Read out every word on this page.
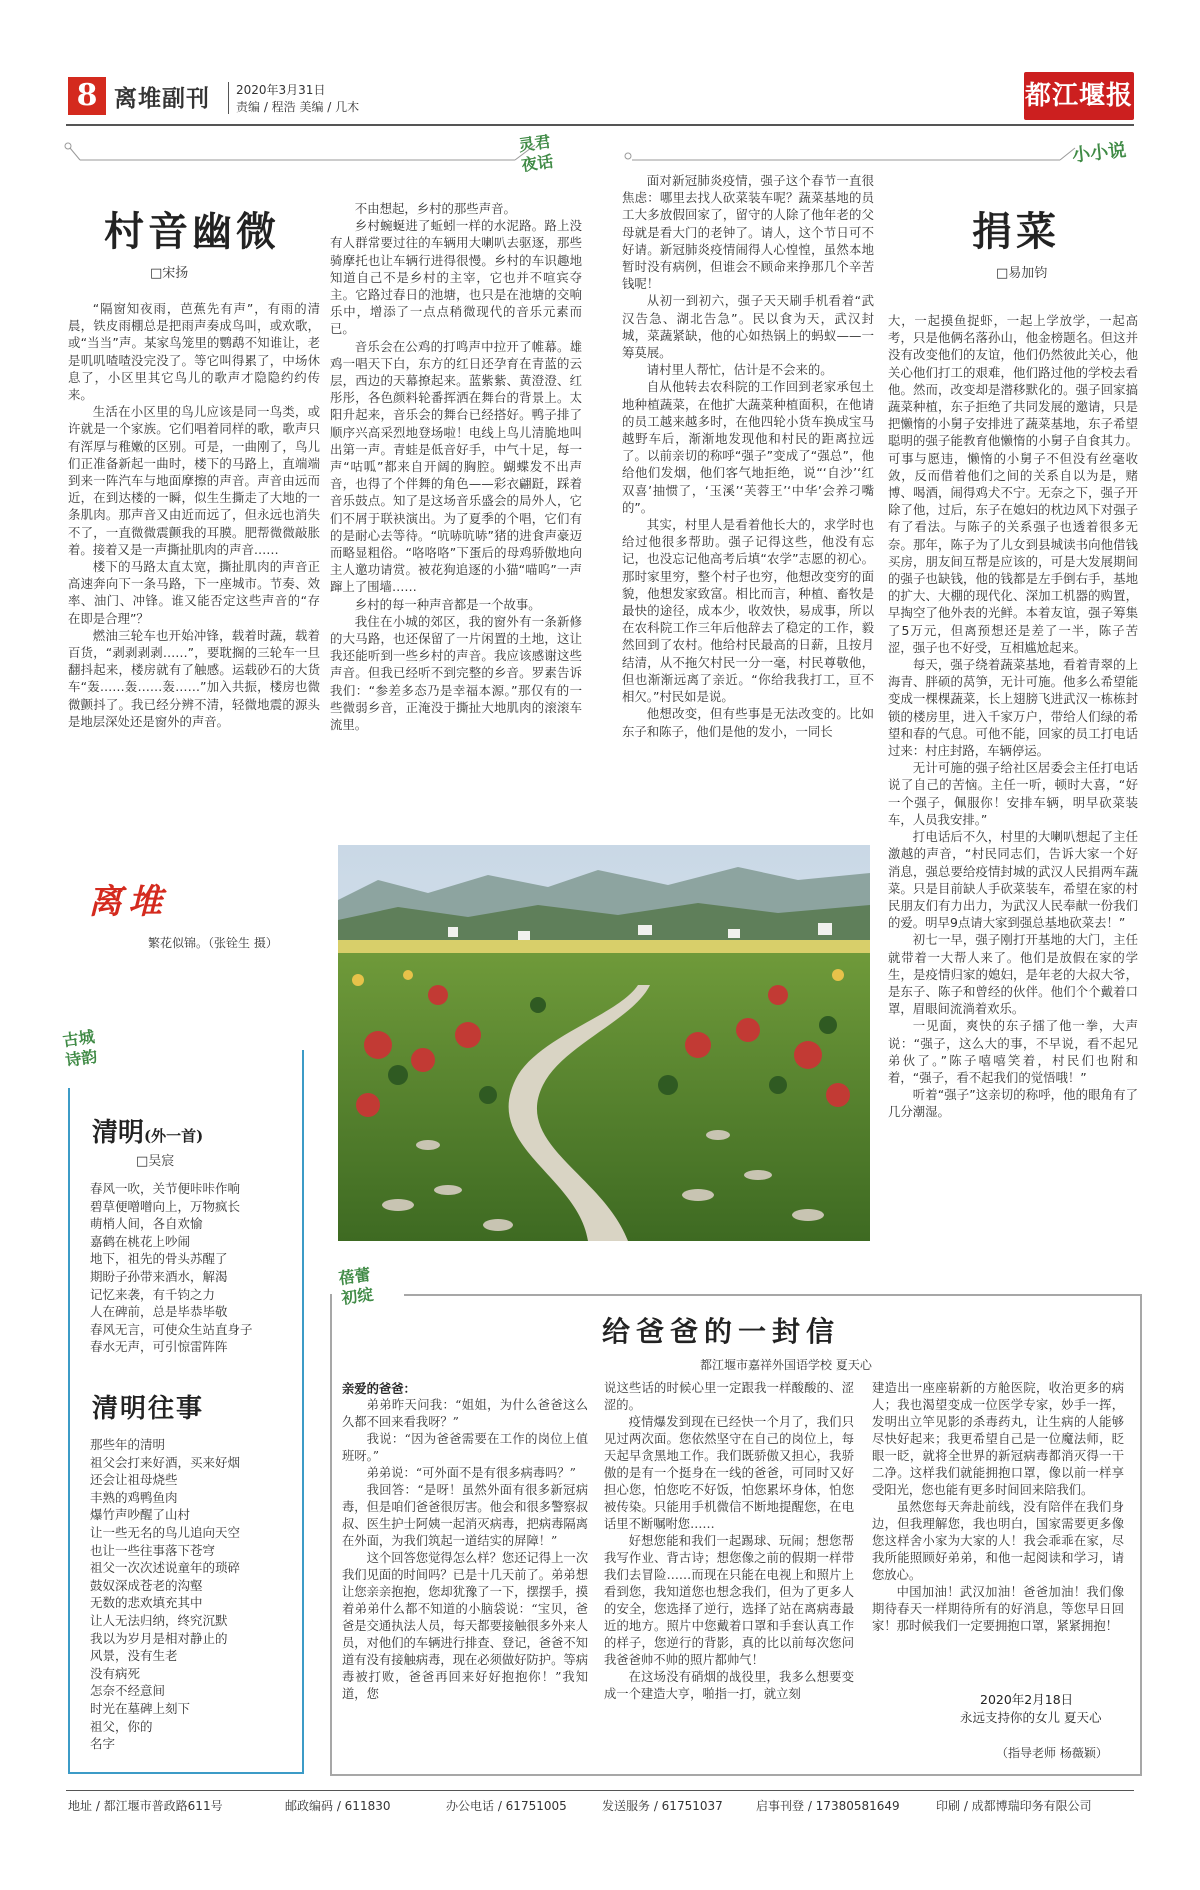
8 离堆副刊 2020年3月31日
责编 / 程浩 美编 / 几木	都江堰报
灵君夜话
村音幽微
□宋扬

“隔窗知夜雨，芭蕉先有声”，有雨的清晨，铁皮雨棚总是把雨声奏成鸟叫，或欢歌，或“当当”声。某家鸟笼里的鹦鹉不知谁让，老是叽叽喳喳没完没了。等它叫得累了，中场休息了，小区里其它鸟儿的歌声才隐隐约约传来。

生活在小区里的鸟儿应该是同一鸟类，或许就是一个家族。它们唱着同样的歌，歌声只有浑厚与稚嫩的区别。可是，一曲刚了，鸟儿们正准备新起一曲时，楼下的马路上，直端端到来一阵汽车与地面摩擦的声音。声音由远而近，在到达楼的一瞬，似生生撕走了大地的一条肌肉。那声音又由近而远了，但永远也消失不了，一直微微震颤我的耳膜。肥帮微微敲胀着。接着又是一声撕扯肌肉的声音……

楼下的马路太直太宽，撕扯肌肉的声音正高速奔向下一条马路，下一座城市。节奏、效率、油门、冲锋。谁又能否定这些声音的“存在即是合理”？

燃油三轮车也开始冲锋，载着时蔬，载着百货，“剥剥剥剥……”，要耽搁的三轮车一旦翻抖起来，楼房就有了触感。运载砂石的大货车“轰……轰……轰……”加入共振，楼房也微微颤抖了。我已经分辨不清，轻微地震的源头是地层深处还是窗外的声音。

不由想起，乡村的那些声音。

乡村蜿蜒进了蚯蚓一样的水泥路。路上没有人群常要过往的车辆用大喇叭去驱逐，那些骑摩托也让车辆行进得很慢。乡村的车识趣地知道自己不是乡村的主宰，它也并不喧宾夺主。它路过春日的池塘，也只是在池塘的交响乐中，增添了一点点稍微现代的音乐元素而已。

音乐会在公鸡的打鸣声中拉开了帷幕。雄鸡一唱天下白，东方的红日还孕育在青蓝的云层，西边的天幕撩起来。蓝紫紫、黄澄澄、红彤彤，各色颜料轮番挥洒在舞台的背景上。太阳升起来，音乐会的舞台已经搭好。鸭子排了顺序兴高采烈地登场啦！电线上鸟儿清脆地叫出第一声。青蛙是低音好手，中气十足，每一声“咕呱”都来自开阔的胸腔。蝴蝶发不出声音，也得了个伴舞的角色——彩衣翩跹，踩着音乐鼓点。知了是这场音乐盛会的局外人，它们不屑于联袂演出。为了夏季的个唱，它们有的是耐心去等待。“吭哧吭哧”猪的进食声豪迈而略显粗俗。“咯咯咯”下蛋后的母鸡骄傲地向主人邀功请赏。被花狗追逐的小猫“喵呜”一声蹿上了围墙……

乡村的每一种声音都是一个故事。

我住在小城的郊区，我的窗外有一条新修的大马路，也还保留了一片闲置的土地，这让我还能听到一些乡村的声音。我应该感谢这些声音。但我已经听不到完整的乡音。罗素告诉我们：“参差多态乃是幸福本源。”那仅有的一些微弱乡音，正淹没于撕扯大地肌肉的滚滚车流里。

小小说

面对新冠肺炎疫情，强子这个春节一直很焦虑：哪里去找人砍菜装车呢？蔬菜基地的员工大多放假回家了，留守的人除了他年老的父母就是看大门的老钟了。请人，这个节日可不好请。新冠肺炎疫情闹得人心惶惶，虽然本地暂时没有病例，但谁会不顾命来挣那几个辛苦钱呢！

从初一到初六，强子天天刷手机看着“武汉告急、湖北告急”。民以食为天，武汉封城，菜蔬紧缺，他的心如热锅上的蚂蚁——一筹莫展。

请村里人帮忙，估计是不会来的。

自从他转去农科院的工作回到老家承包土地种植蔬菜，在他扩大蔬菜种植面积，在他请的员工越来越多时，在他四轮小货车换成宝马越野车后，渐渐地发现他和村民的距离拉远了。以前亲切的称呼“强子”变成了“强总”，他给他们发烟，他们客气地拒绝，说“‘自沙’‘红双喜’抽惯了，‘玉溪’‘芙蓉王’‘中华’会养刁嘴的”。

其实，村里人是看着他长大的，求学时也给过他很多帮助。强子记得这些，他没有忘记，也没忘记他高考后填“农学”志愿的初心。那时家里穷，整个村子也穷，他想改变穷的面貌，他想发家致富。相比而言，种植、畜牧是最快的途径，成本少，收效快，易成事，所以在农科院工作三年后他辞去了稳定的工作，毅然回到了农村。他给村民最高的日薪，且按月结清，从不拖欠村民一分一毫，村民尊敬他，但也渐渐远离了亲近。“你给我我打工，亘不相欠。”村民如是说。

他想改变，但有些事是无法改变的。比如东子和陈子，他们是他的发小，一同长

捐菜
□易加钧

大，一起摸鱼捉虾，一起上学放学，一起高考，只是他俩名落孙山，他金榜题名。但这并没有改变他们的友谊，他们仍然彼此关心，他关心他们打工的艰难，他们路过他的学校去看他。然而，改变却是潜移默化的。强子回家搞蔬菜种植，东子拒绝了共同发展的邀请，只是把懒惰的小舅子安排进了蔬菜基地，东子希望聪明的强子能教育他懒惰的小舅子自食其力。可事与愿违，懒惰的小舅子不但没有丝毫收敛，反而借着他们之间的关系自以为是，赌博、喝酒，闹得鸡犬不宁。无奈之下，强子开除了他，过后，东子在媳妇的枕边风下对强子有了看法。与陈子的关系强子也透着很多无奈。那年，陈子为了儿女到县城读书向他借钱买房，朋友间互帮是应该的，可是大发展期间的强子也缺钱，他的钱都是左手倒右手，基地的扩大、大棚的现代化、深加工机器的购置，早掏空了他外表的光鲜。本着友谊，强子筹集了5万元，但离预想还是差了一半，陈子苦涩，强子也不好受，互相尴尬起来。

每天，强子绕着蔬菜基地，看着青翠的上海青、胖硕的莴笋，无计可施。他多么希望能变成一棵棵蔬菜，长上翅膀飞进武汉一栋栋封锁的楼房里，进入千家万户，带给人们绿的希望和春的气息。可他不能，回家的员工打电话过来：村庄封路，车辆停运。

无计可施的强子给社区居委会主任打电话说了自己的苦恼。主任一听，顿时大喜，“好一个强子，佩服你！安排车辆，明早砍菜装车，人员我安排。”

打电话后不久，村里的大喇叭想起了主任激越的声音，“村民同志们，告诉大家一个好消息，强总要给疫情封城的武汉人民捐两车蔬菜。只是目前缺人手砍菜装车，希望在家的村民朋友们有力出力，为武汉人民奉献一份我们的爱。明早9点请大家到强总基地砍菜去！”

初七一早，强子刚打开基地的大门，主任就带着一大帮人来了。他们是放假在家的学生，是疫情归家的媳妇，是年老的大叔大爷，是东子、陈子和曾经的伙伴。他们个个戴着口罩，眉眼间流淌着欢乐。

一见面，爽快的东子擂了他一拳，大声说：“强子，这么大的事，不早说，看不起兄弟伙了。”陈子嘻嘻笑着，村民们也附和着，“强子，看不起我们的觉悟哦！”

听着“强子”这亲切的称呼，他的眼角有了几分潮湿。

离堆
繁花似锦。（张铨生 摄）
古城诗韵
清明(外一首)
□吴宸
春风一吹，关节便咔咔作响
碧草便噌噌向上，万物疯长
萌梢人间，各自欢愉
嘉鹤在桃花上吵闹
地下，祖先的骨头苏醒了
期盼子孙带来酒水，解渴
记忆来袭，有千钧之力
人在碑前，总是毕恭毕敬
春风无言，可使众生站直身子
春水无声，可引惊雷阵阵
清明往事
那些年的清明
祖父会打来好酒，买来好烟
还会让祖母烧些
丰熟的鸡鸭鱼肉
爆竹声吵醒了山村
让一些无名的鸟儿追向天空
也让一些往事落下苍穹
祖父一次次述说童年的琐碎
鼓奴深成苍老的沟壑
无数的悲欢填充其中
让人无法归纳，终究沉默
我以为岁月是相对静止的
风景，没有生老
没有病死
怎奈不经意间
时光在墓碑上刻下
祖父，你的
名字
蓓蕾初绽
给爸爸的一封信
都江堰市嘉祥外国语学校 夏天心
亲爱的爸爸：

弟弟昨天问我：“姐姐，为什么爸爸这么久都不回来看我呀？”

我说：“因为爸爸需要在工作的岗位上值班呀。”

弟弟说：“可外面不是有很多病毒吗？”

我回答：“是呀！虽然外面有很多新冠病毒，但是咱们爸爸很厉害。他会和很多警察叔叔、医生护士阿姨一起消灭病毒，把病毒隔离在外面，为我们筑起一道结实的屏障！”

这个回答您觉得怎么样？您还记得上一次我们见面的时间吗？已是十几天前了。弟弟想让您亲亲抱抱，您却犹豫了一下，摆摆手，摸着弟弟什么都不知道的小脑袋说：“宝贝，爸爸是交通执法人员，每天都要接触很多外来人员，对他们的车辆进行排查、登记，爸爸不知道有没有接触病毒，现在必须做好防护。等病毒被打败，爸爸再回来好好抱抱你！”我知道，您

说这些话的时候心里一定跟我一样酸酸的、涩涩的。

疫情爆发到现在已经快一个月了，我们只见过两次面。您依然坚守在自己的岗位上，每天起早贪黑地工作。我们既骄傲又担心，我骄傲的是有一个挺身在一线的爸爸，可同时又好担心您，怕您吃不好饭，怕您累坏身体，怕您被传染。只能用手机微信不断地提醒您，在电话里不断嘱咐您……

好想您能和我们一起踢球、玩闹；想您帮我写作业、背古诗；想您像之前的假期一样带我们去冒险……而现在只能在电视上和照片上看到您，我知道您也想念我们，但为了更多人的安全，您选择了逆行，选择了站在离病毒最近的地方。照片中您戴着口罩和手套认真工作的样子，您逆行的背影，真的比以前每次您问我爸爸帅不帅的照片都帅气！

在这场没有硝烟的战役里，我多么想要变成一个建造大亨，啪指一打，就立刻

建造出一座座崭新的方舱医院，收治更多的病人；我也渴望变成一位医学专家，妙手一挥，发明出立竿见影的杀毒药丸，让生病的人能够尽快好起来；我更希望自己是一位魔法师，眨眼一眨，就将全世界的新冠病毒都消灭得一干二净。这样我们就能拥抱口罩，像以前一样享受阳光，您也能有更多时间回来陪我们。

虽然您每天奔赴前线，没有陪伴在我们身边，但我理解您，我也明白，国家需要更多像您这样舍小家为大家的人！我会乖乖在家，尽我所能照顾好弟弟，和他一起阅读和学习，请您放心。

中国加油！武汉加油！爸爸加油！我们像期待春天一样期待所有的好消息，等您早日回家！那时候我们一定要拥抱口罩，紧紧拥抱！

2020年2月18日
永远支持你的女儿 夏天心
（指导老师 杨薇颖）
地址 / 都江堰市普政路611号	邮政编码 / 611830	办公电话 / 61751005	发送服务 / 61751037	启事刊登 / 17380581649	印刷 / 成都博瑞印务有限公司
